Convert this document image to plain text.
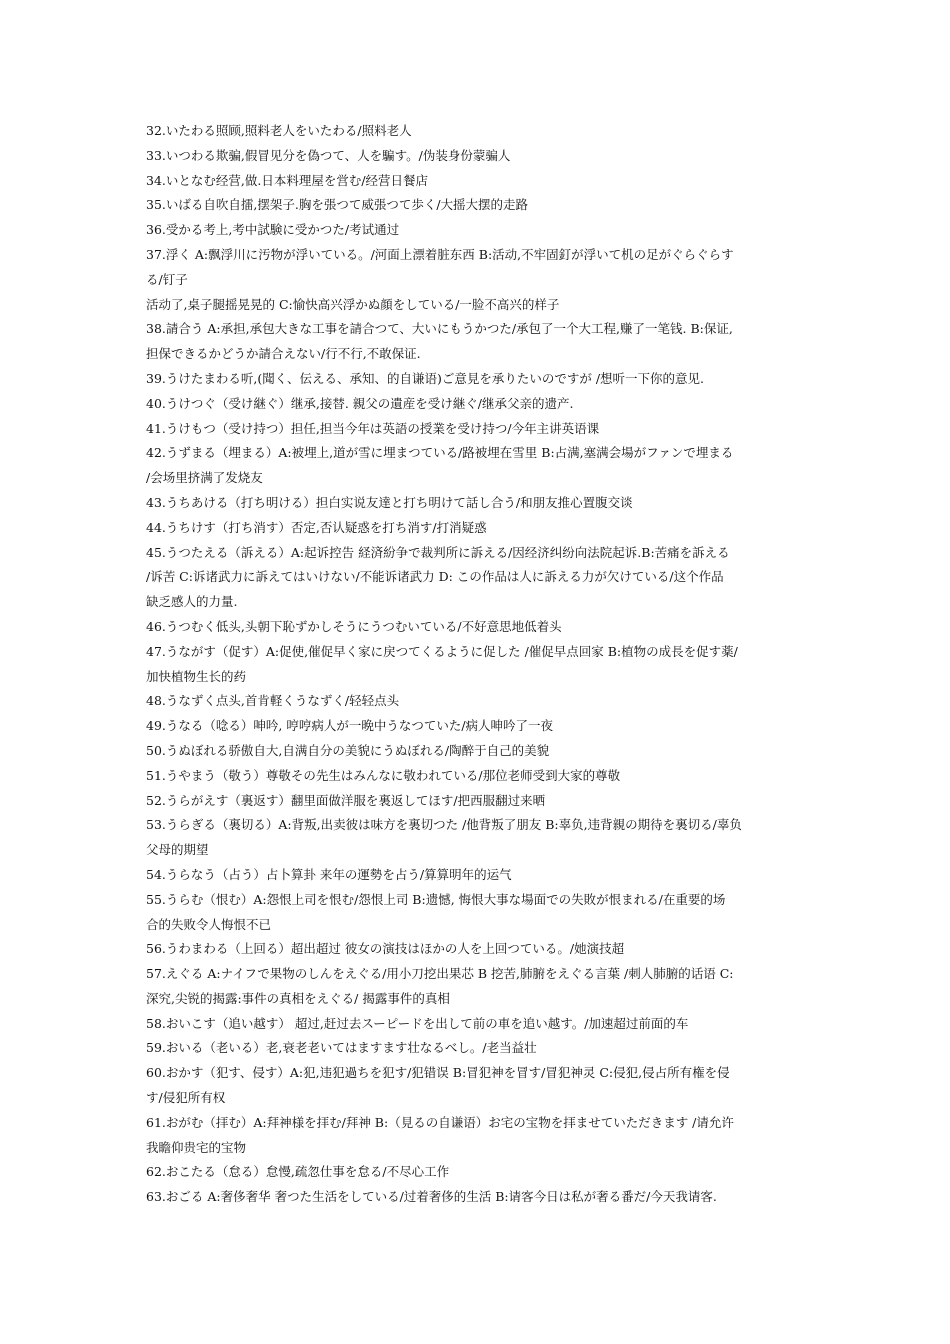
32.いたわる照顾,照料老人をいたわる/照料老人
33.いつわる欺骗,假冒见分を偽つて、人を騙す。/伪装身份蒙骗人
34.いとなむ经营,做.日本料理屋を営む/经营日餐店
35.いばる自吹自擂,摆架子.胸を張つて威張つて歩く/大摇大摆的走路
36.受かる考上,考中試験に受かつた/考试通过
37.浮く A:飘浮川に汚物が浮いている。/河面上漂着脏东西 B:活动,不牢固釘が浮いて机の足がぐらぐらす
る/钉子
活动了,桌子腿摇晃晃的 C:愉快高兴浮かぬ顔をしている/一脸不高兴的样子
38.請合う A:承担,承包大きな工事を請合つて、大いにもうかつた/承包了一个大工程,赚了一笔钱. B:保证,
担保できるかどうか請合えない/行不行,不敢保证.
39.うけたまわる听,(聞く、伝える、承知、的自谦语)ご意見を承りたいのですが /想听一下你的意见.
40.うけつぐ（受け継ぐ）继承,接替. 親父の遺産を受け継ぐ/继承父亲的遗产.
41.うけもつ（受け持つ）担任,担当今年は英語の授業を受け持つ/今年主讲英语课
42.うずまる（埋まる）A:被埋上,道が雪に埋まつている/路被埋在雪里 B:占满,塞满会場がファンで埋まる
/会场里挤满了发烧友
43.うちあける（打ち明ける）担白实说友達と打ち明けて話し合う/和朋友推心置腹交谈
44.うちけす（打ち消す）否定,否认疑惑を打ち消す/打消疑惑
45.うつたえる（訴える）A:起诉控告 経済紛争で裁判所に訴える/因经济纠纷向法院起诉.B:苦痛を訴える
/诉苦 C:诉诸武力に訴えてはいけない/不能诉诸武力 D: この作品は人に訴える力が欠けている/这个作品
缺乏感人的力量.
46.うつむく低头,头朝下恥ずかしそうにうつむいている/不好意思地低着头
47.うながす（促す）A:促使,催促早く家に戻つてくるように促した /催促早点回家 B:植物の成長を促す薬/
加快植物生长的药
48.うなずく点头,首肯軽くうなずく/轻轻点头
49.うなる（唸る）呻吟, 哼哼病人が一晩中うなつていた/病人呻吟了一夜
50.うぬぼれる骄傲自大,自满自分の美貌にうぬぼれる/陶醉于自己的美貌
51.うやまう（敬う）尊敬その先生はみんなに敬われている/那位老师受到大家的尊敬
52.うらがえす（裏返す）翻里面做洋服を裏返してほす/把西服翻过来晒
53.うらぎる（裏切る）A:背叛,出卖彼は味方を裏切つた /他背叛了朋友 B:辜负,违背親の期待を裏切る/辜负
父母的期望
54.うらなう（占う）占卜算卦 来年の運勢を占う/算算明年的运气
55.うらむ（恨む）A:怨恨上司を恨む/怨恨上司 B:遗憾, 悔恨大事な場面での失敗が恨まれる/在重要的场
合的失败令人悔恨不已
56.うわまわる（上回る）超出超过 彼女の演技はほかの人を上回つている。/她演技超
57.えぐる A:ナイフで果物のしんをえぐる/用小刀挖出果芯 B 挖苦,肺腑をえぐる言葉 /刺人肺腑的话语 C:
深究,尖锐的揭露:事件の真相をえぐる/ 揭露事件的真相
58.おいこす（追い越す） 超过,赶过去スーピードを出して前の車を追い越す。/加速超过前面的车
59.おいる（老いる）老,衰老老いてはますます壮なるべし。/老当益壮
60.おかす（犯す、侵す）A:犯,违犯過ちを犯す/犯错误 B:冒犯神を冒す/冒犯神灵 C:侵犯,侵占所有権を侵
す/侵犯所有权
61.おがむ（拝む）A:拜神様を拝む/拜神 B:（見るの自谦语）お宅の宝物を拝ませていただきます /请允许
我瞻仰贵宅的宝物
62.おこたる（怠る）怠慢,疏忽仕事を怠る/不尽心工作
63.おごる A:奢侈奢华 奢つた生活をしている/过着奢侈的生活 B:请客今日は私が奢る番だ/今天我请客.
